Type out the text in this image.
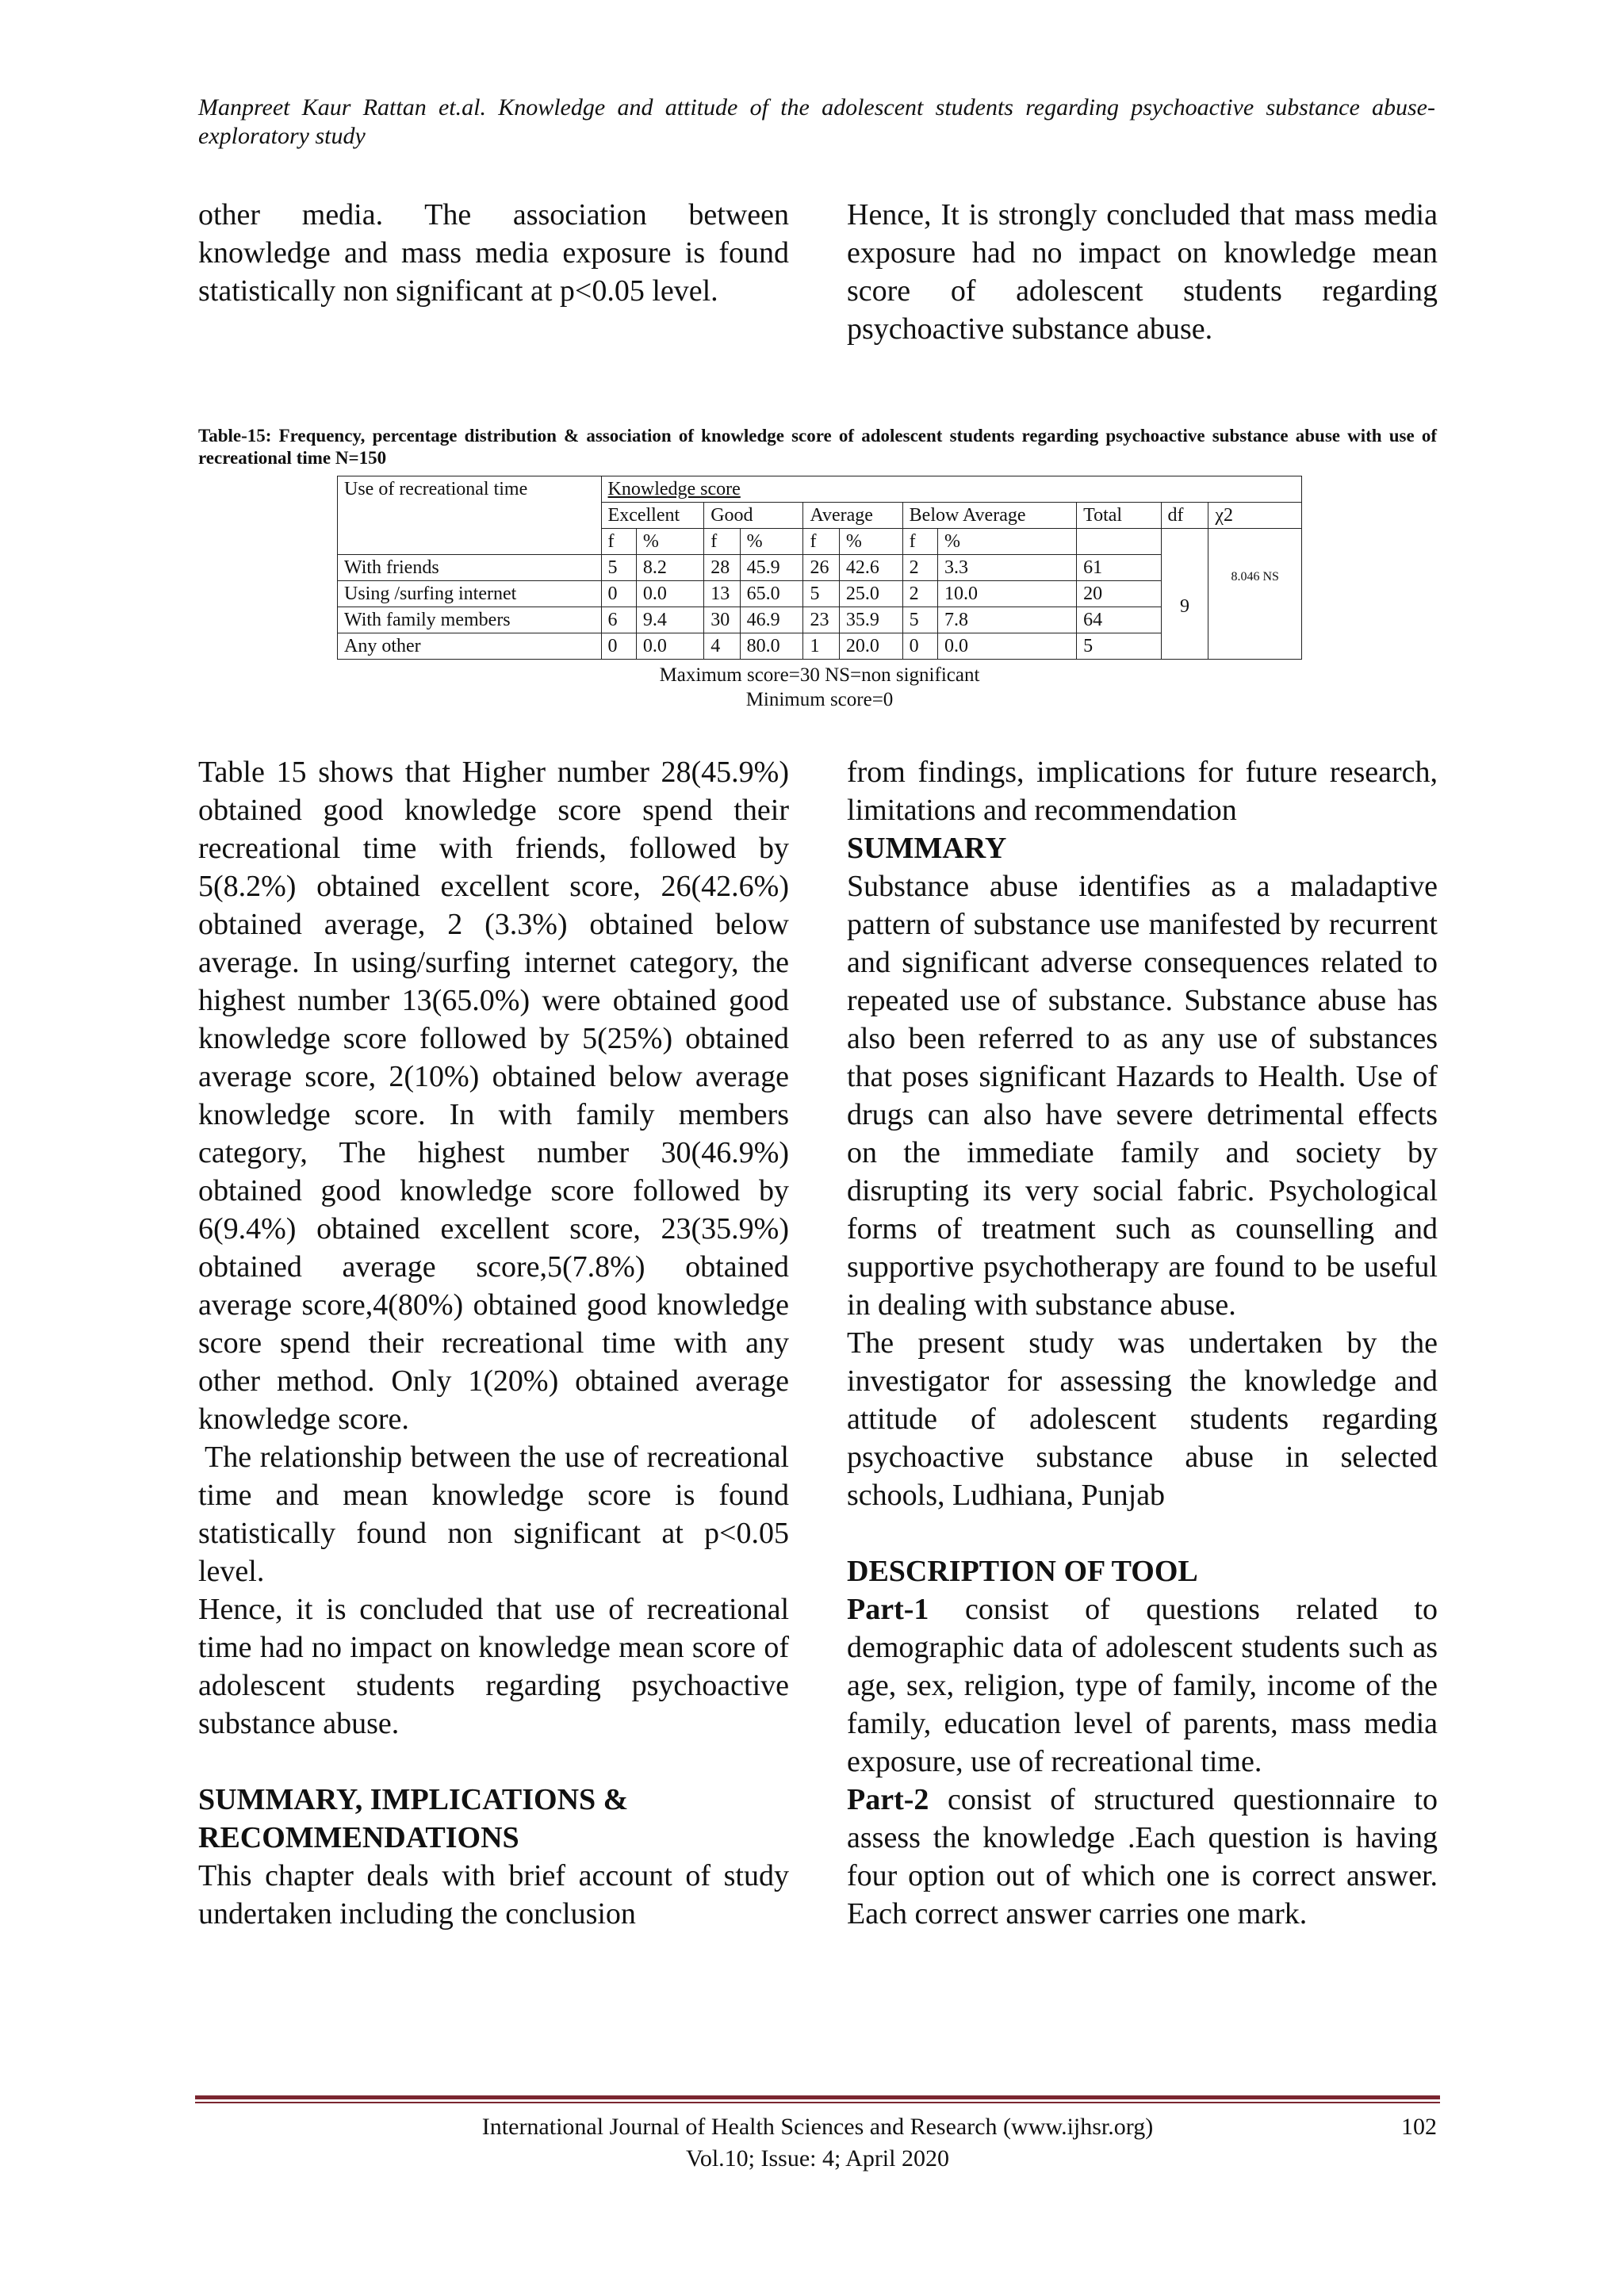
Manpreet Kaur Rattan et.al. Knowledge and attitude of the adolescent students regarding psychoactive substance abuse-exploratory study

other media. The association between knowledge and mass media exposure is found statistically non significant at p<0.05 level.

Hence, It is strongly concluded that mass media exposure had no impact on knowledge mean score of adolescent students regarding psychoactive substance abuse.

Table-15: Frequency, percentage distribution & association of knowledge score of adolescent students regarding psychoactive substance abuse with use of recreational time N=150
Use of recreational time	Knowledge score										
	Excellent		Good		Average		Below Average		Total	df	χ2
	f	%	f	%	f	%	f	%			
With friends	5	8.2	28	45.9	26	42.6	2	3.3	61	9	8.046 NS
Using /surfing internet	0	0.0	13	65.0	5	25.0	2	10.0	20		
With family members	6	9.4	30	46.9	23	35.9	5	7.8	64		
Any other	0	0.0	4	80.0	1	20.0	0	0.0	5		
Maximum score=30 NS=non significant
Minimum score=0

Table 15 shows that Higher number 28(45.9%) obtained good knowledge score spend their recreational time with friends, followed by 5(8.2%) obtained excellent score, 26(42.6%) obtained average, 2 (3.3%) obtained below average. In using/surfing internet category, the highest number 13(65.0%) were obtained good knowledge score followed by 5(25%) obtained average score, 2(10%) obtained below average knowledge score. In with family members category, The highest number 30(46.9%) obtained good knowledge score followed by 6(9.4%) obtained excellent score, 23(35.9%) obtained average score,5(7.8%) obtained average score,4(80%) obtained good knowledge score spend their recreational time with any other method. Only 1(20%) obtained average knowledge score.

The relationship between the use of recreational time and mean knowledge score is found statistically found non significant at p<0.05 level.

Hence, it is concluded that use of recreational time had no impact on knowledge mean score of adolescent students regarding psychoactive substance abuse.

SUMMARY, IMPLICATIONS & RECOMMENDATIONS

This chapter deals with brief account of study undertaken including the conclusion

from findings, implications for future research, limitations and recommendation

SUMMARY

Substance abuse identifies as a maladaptive pattern of substance use manifested by recurrent and significant adverse consequences related to repeated use of substance. Substance abuse has also been referred to as any use of substances that poses significant Hazards to Health. Use of drugs can also have severe detrimental effects on the immediate family and society by disrupting its very social fabric. Psychological forms of treatment such as counselling and supportive psychotherapy are found to be useful in dealing with substance abuse.

The present study was undertaken by the investigator for assessing the knowledge and attitude of adolescent students regarding psychoactive substance abuse in selected schools, Ludhiana, Punjab

DESCRIPTION OF TOOL

Part-1 consist of questions related to demographic data of adolescent students such as age, sex, religion, type of family, income of the family, education level of parents, mass media exposure, use of recreational time.

Part-2 consist of structured questionnaire to assess the knowledge .Each question is having four option out of which one is correct answer. Each correct answer carries one mark.

International Journal of Health Sciences and Research (www.ijhsr.org)
Vol.10; Issue: 4; April 2020
102
